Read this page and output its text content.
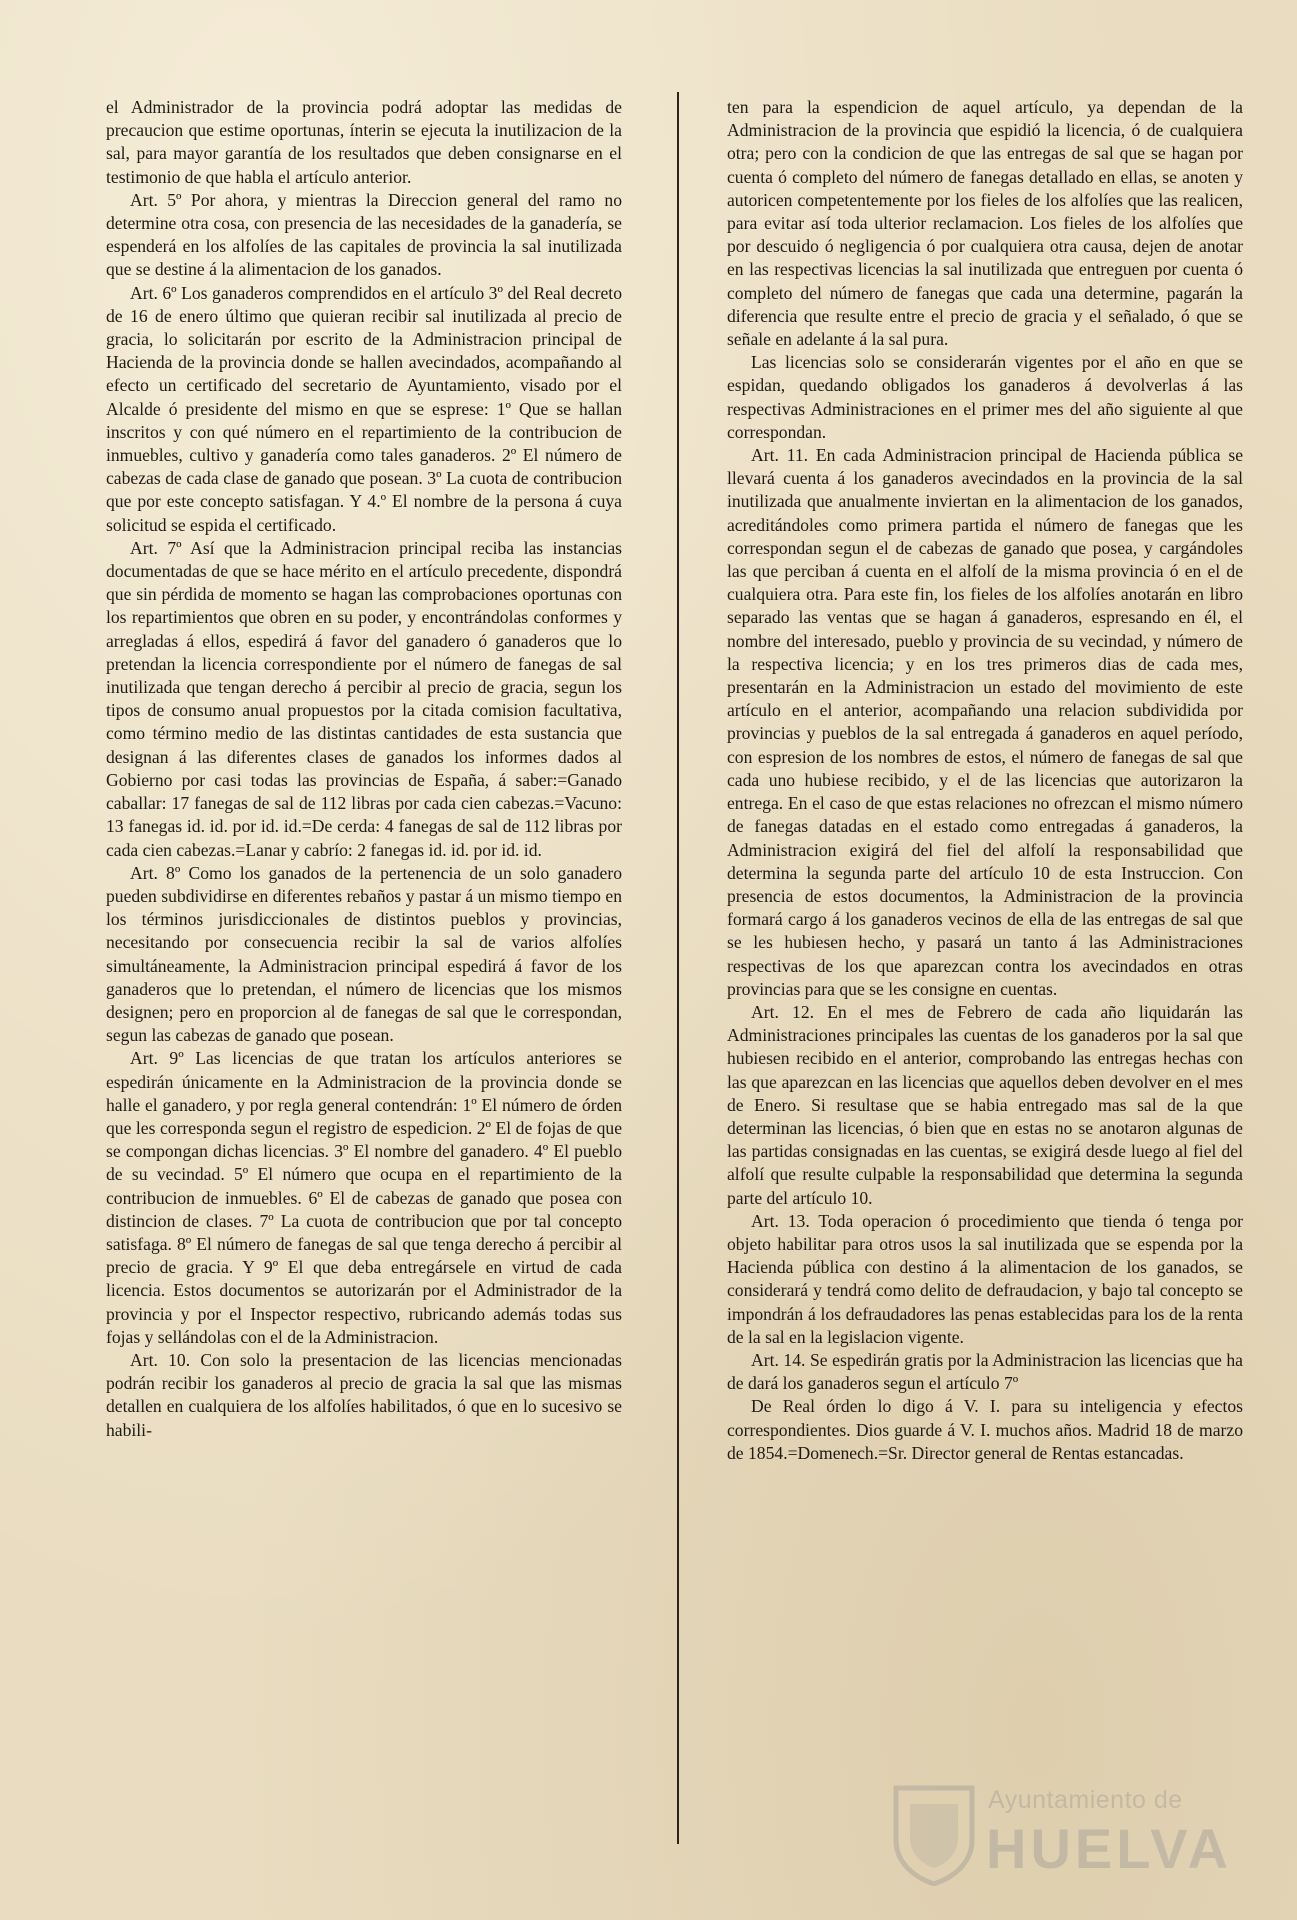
el Administrador de la provincia podrá adoptar las medidas de precaucion que estime oportunas, ínterin se ejecuta la inutilizacion de la sal, para mayor garantía de los resultados que deben consignarse en el testimonio de que habla el artículo anterior.

Art. 5º Por ahora, y mientras la Direccion general del ramo no determine otra cosa, con presencia de las necesidades de la ganadería, se espenderá en los alfolíes de las capitales de provincia la sal inutilizada que se destine á la alimentacion de los ganados.

Art. 6º Los ganaderos comprendidos en el artículo 3º del Real decreto de 16 de enero último que quieran recibir sal inutilizada al precio de gracia, lo solicitarán por escrito de la Administracion principal de Hacienda de la provincia donde se hallen avecindados, acompañando al efecto un certificado del secretario de Ayuntamiento, visado por el Alcalde ó presidente del mismo en que se esprese: 1º Que se hallan inscritos y con qué número en el repartimiento de la contribucion de inmuebles, cultivo y ganadería como tales ganaderos. 2º El número de cabezas de cada clase de ganado que posean. 3º La cuota de contribucion que por este concepto satisfagan. Y 4.º El nombre de la persona á cuya solicitud se espida el certificado.

Art. 7º Así que la Administracion principal reciba las instancias documentadas de que se hace mérito en el artículo precedente, dispondrá que sin pérdida de momento se hagan las comprobaciones oportunas con los repartimientos que obren en su poder, y encontrándolas conformes y arregladas á ellos, espedirá á favor del ganadero ó ganaderos que lo pretendan la licencia correspondiente por el número de fanegas de sal inutilizada que tengan derecho á percibir al precio de gracia, segun los tipos de consumo anual propuestos por la citada comision facultativa, como término medio de las distintas cantidades de esta sustancia que designan á las diferentes clases de ganados los informes dados al Gobierno por casi todas las provincias de España, á saber:=Ganado caballar: 17 fanegas de sal de 112 libras por cada cien cabezas.=Vacuno: 13 fanegas id. id. por id. id.=De cerda: 4 fanegas de sal de 112 libras por cada cien cabezas.=Lanar y cabrío: 2 fanegas id. id. por id. id.

Art. 8º Como los ganados de la pertenencia de un solo ganadero pueden subdividirse en diferentes rebaños y pastar á un mismo tiempo en los términos jurisdiccionales de distintos pueblos y provincias, necesitando por consecuencia recibir la sal de varios alfolíes simultáneamente, la Administracion principal espedirá á favor de los ganaderos que lo pretendan, el número de licencias que los mismos designen; pero en proporcion al de fanegas de sal que le correspondan, segun las cabezas de ganado que posean.

Art. 9º Las licencias de que tratan los artículos anteriores se espedirán únicamente en la Administracion de la provincia donde se halle el ganadero, y por regla general contendrán: 1º El número de órden que les corresponda segun el registro de espedicion. 2º El de fojas de que se compongan dichas licencias. 3º El nombre del ganadero. 4º El pueblo de su vecindad. 5º El número que ocupa en el repartimiento de la contribucion de inmuebles. 6º El de cabezas de ganado que posea con distincion de clases. 7º La cuota de contribucion que por tal concepto satisfaga. 8º El número de fanegas de sal que tenga derecho á percibir al precio de gracia. Y 9º El que deba entregársele en virtud de cada licencia. Estos documentos se autorizarán por el Administrador de la provincia y por el Inspector respectivo, rubricando además todas sus fojas y sellándolas con el de la Administracion.

Art. 10. Con solo la presentacion de las licencias mencionadas podrán recibir los ganaderos al precio de gracia la sal que las mismas detallen en cualquiera de los alfolíes habilitados, ó que en lo sucesivo se habili-

ten para la espendicion de aquel artículo, ya dependan de la Administracion de la provincia que espidió la licencia, ó de cualquiera otra; pero con la condicion de que las entregas de sal que se hagan por cuenta ó completo del número de fanegas detallado en ellas, se anoten y autoricen competentemente por los fieles de los alfolíes que las realicen, para evitar así toda ulterior reclamacion. Los fieles de los alfolíes que por descuido ó negligencia ó por cualquiera otra causa, dejen de anotar en las respectivas licencias la sal inutilizada que entreguen por cuenta ó completo del número de fanegas que cada una determine, pagarán la diferencia que resulte entre el precio de gracia y el señalado, ó que se señale en adelante á la sal pura.

Las licencias solo se considerarán vigentes por el año en que se espidan, quedando obligados los ganaderos á devolverlas á las respectivas Administraciones en el primer mes del año siguiente al que correspondan.

Art. 11. En cada Administracion principal de Hacienda pública se llevará cuenta á los ganaderos avecindados en la provincia de la sal inutilizada que anualmente inviertan en la alimentacion de los ganados, acreditándoles como primera partida el número de fanegas que les correspondan segun el de cabezas de ganado que posea, y cargándoles las que perciban á cuenta en el alfolí de la misma provincia ó en el de cualquiera otra. Para este fin, los fieles de los alfolíes anotarán en libro separado las ventas que se hagan á ganaderos, espresando en él, el nombre del interesado, pueblo y provincia de su vecindad, y número de la respectiva licencia; y en los tres primeros dias de cada mes, presentarán en la Administracion un estado del movimiento de este artículo en el anterior, acompañando una relacion subdividida por provincias y pueblos de la sal entregada á ganaderos en aquel período, con espresion de los nombres de estos, el número de fanegas de sal que cada uno hubiese recibido, y el de las licencias que autorizaron la entrega. En el caso de que estas relaciones no ofrezcan el mismo número de fanegas datadas en el estado como entregadas á ganaderos, la Administracion exigirá del fiel del alfolí la responsabilidad que determina la segunda parte del artículo 10 de esta Instruccion. Con presencia de estos documentos, la Administracion de la provincia formará cargo á los ganaderos vecinos de ella de las entregas de sal que se les hubiesen hecho, y pasará un tanto á las Administraciones respectivas de los que aparezcan contra los avecindados en otras provincias para que se les consigne en cuentas.

Art. 12. En el mes de Febrero de cada año liquidarán las Administraciones principales las cuentas de los ganaderos por la sal que hubiesen recibido en el anterior, comprobando las entregas hechas con las que aparezcan en las licencias que aquellos deben devolver en el mes de Enero. Si resultase que se habia entregado mas sal de la que determinan las licencias, ó bien que en estas no se anotaron algunas de las partidas consignadas en las cuentas, se exigirá desde luego al fiel del alfolí que resulte culpable la responsabilidad que determina la segunda parte del artículo 10.

Art. 13. Toda operacion ó procedimiento que tienda ó tenga por objeto habilitar para otros usos la sal inutilizada que se espenda por la Hacienda pública con destino á la alimentacion de los ganados, se considerará y tendrá como delito de defraudacion, y bajo tal concepto se impondrán á los defraudadores las penas establecidas para los de la renta de la sal en la legislacion vigente.

Art. 14. Se espedirán gratis por la Administracion las licencias que ha de dará los ganaderos segun el artículo 7º

De Real órden lo digo á V. I. para su inteligencia y efectos correspondientes. Dios guarde á V. I. muchos años. Madrid 18 de marzo de 1854.=Domenech.=Sr. Director general de Rentas estancadas.

Ayuntamiento de
HUELVA
